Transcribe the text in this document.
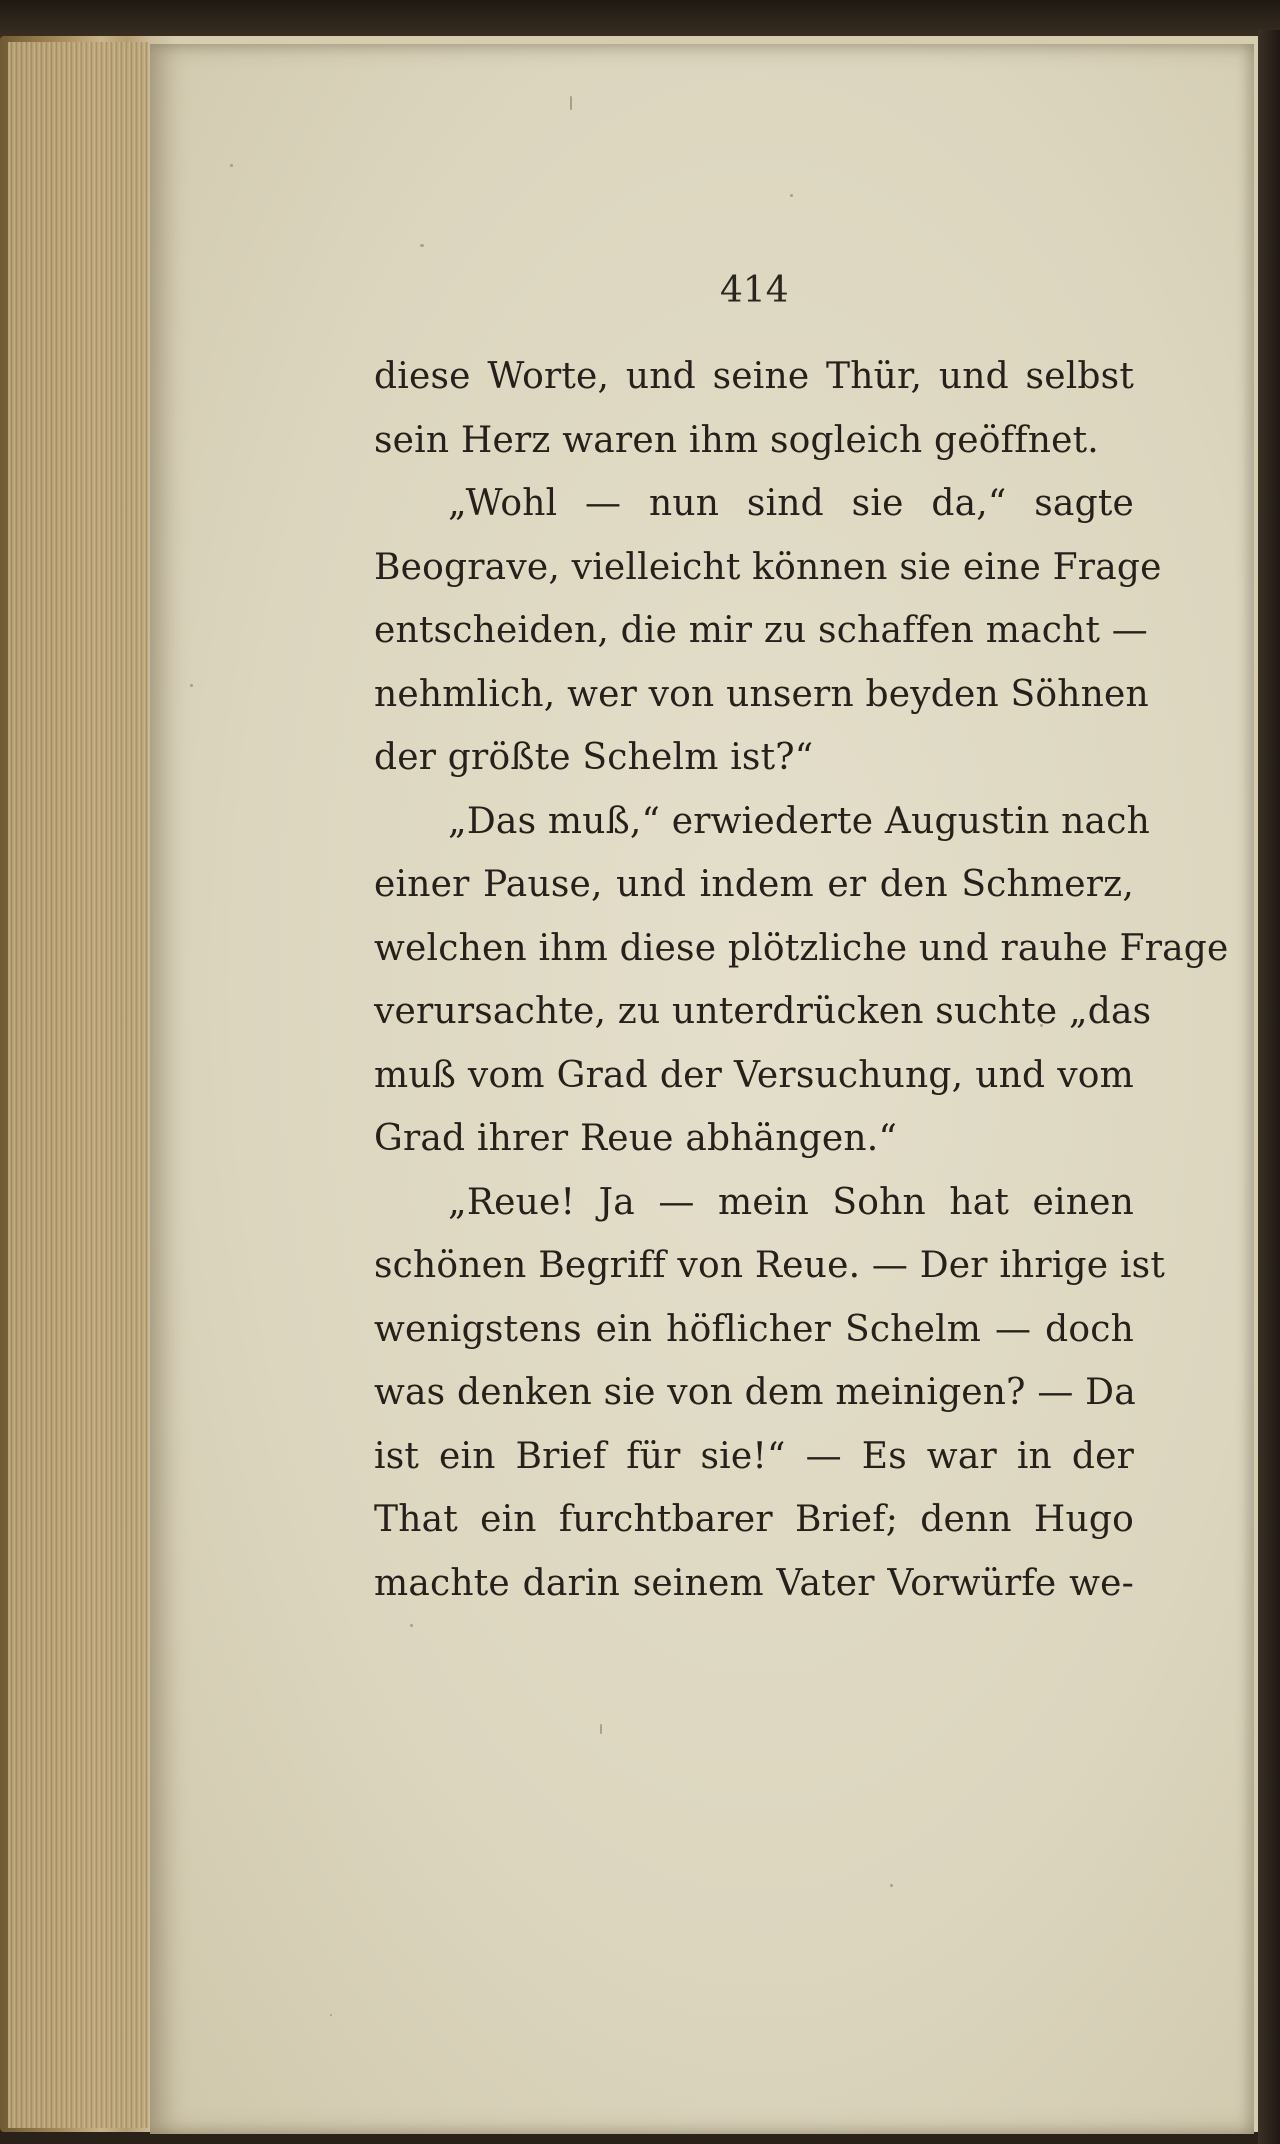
414
diese Worte, und seine Thür, und selbst
sein Herz waren ihm sogleich geöffnet.
„Wohl — nun sind sie da,“ sagte
Beograve, vielleicht können sie eine Frage
entscheiden, die mir zu schaffen macht —
nehmlich, wer von unsern beyden Söhnen
der größte Schelm ist?“
„Das muß,“ erwiederte Augustin nach
einer Pause, und indem er den Schmerz,
welchen ihm diese plötzliche und rauhe Frage
verursachte, zu unterdrücken suchte „das
muß vom Grad der Versuchung, und vom
Grad ihrer Reue abhängen.“
„Reue! Ja — mein Sohn hat einen
schönen Begriff von Reue. — Der ihrige ist
wenigstens ein höflicher Schelm — doch
was denken sie von dem meinigen? — Da
ist ein Brief für sie!“ — Es war in der
That ein furchtbarer Brief; denn Hugo
machte darin seinem Vater Vorwürfe we-
